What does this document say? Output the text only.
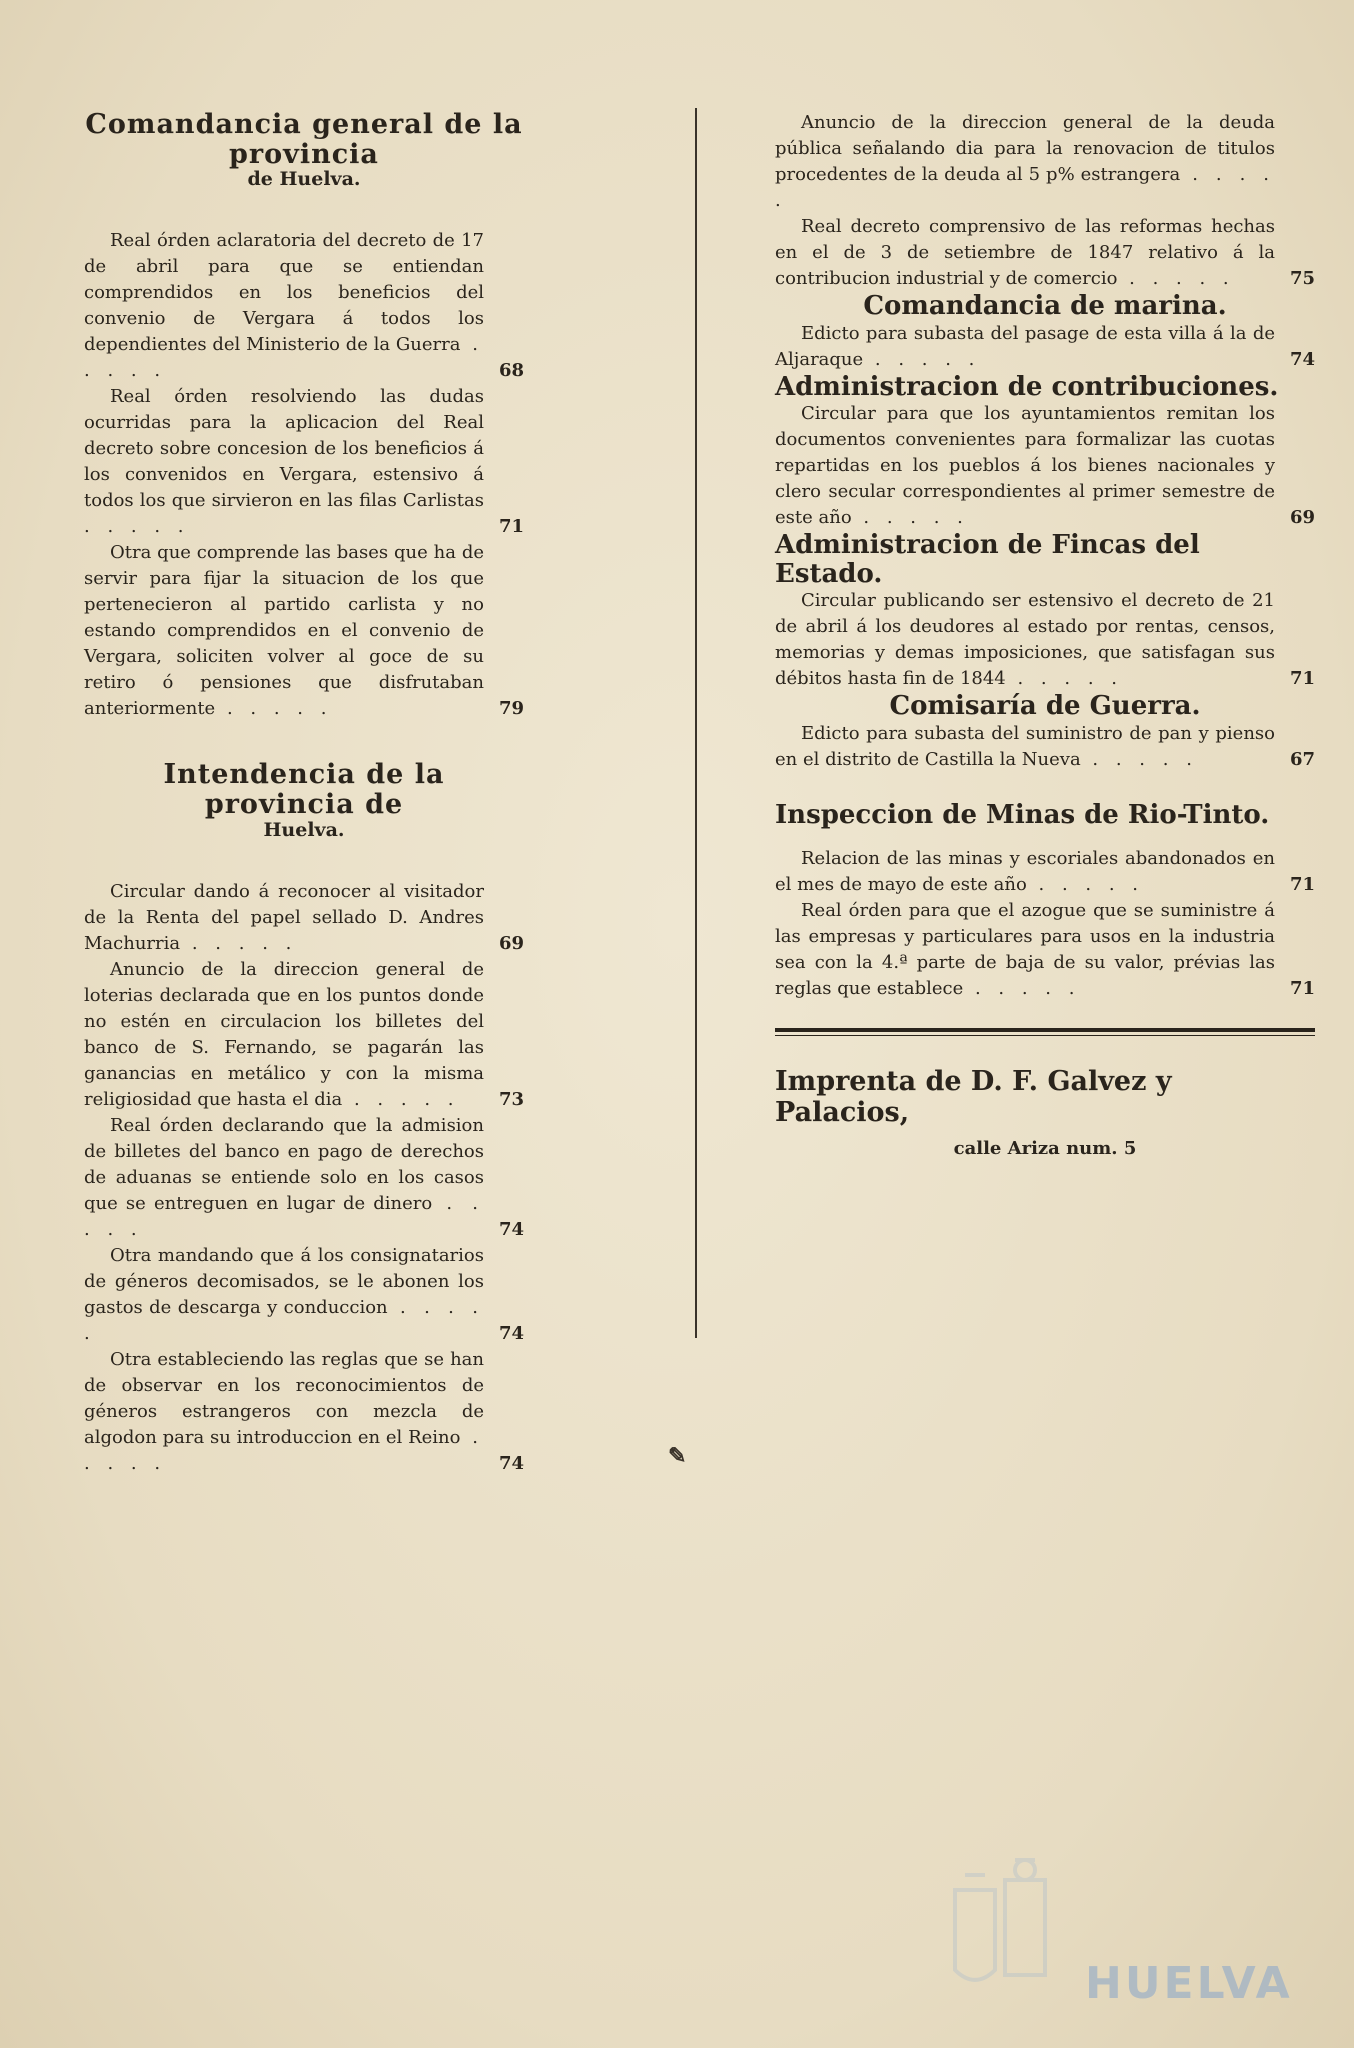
Comandancia general de la provincia
de Huelva.

Real órden aclaratoria del decreto de 17 de abril para que se entiendan comprendidos en los beneficios del convenio de Vergara á todos los dependientes del Ministerio de la Guerra . . . . .	68

Real órden resolviendo las dudas ocurridas para la aplicacion del Real decreto sobre concesion de los beneficios á los convenidos en Vergara, estensivo á todos los que sirvieron en las filas Carlistas . . . . .	71

Otra que comprende las bases que ha de servir para fijar la situacion de los que pertenecieron al partido carlista y no estando comprendidos en el convenio de Vergara, soliciten volver al goce de su retiro ó pensiones que disfrutaban anteriormente . . . . .	79

Intendencia de la provincia de
Huelva.

Circular dando á reconocer al visitador de la Renta del papel sellado D. Andres Machurria . . . . .	69

Anuncio de la direccion general de loterias declarada que en los puntos donde no estén en circulacion los billetes del banco de S. Fernando, se pagarán las ganancias en metálico y con la misma religiosidad que hasta el dia . . . . . 73

Real órden declarando que la admision de billetes del banco en pago de derechos de aduanas se entiende solo en los casos que se entreguen en lugar de dinero . . . . .	74

Otra mandando que á los consignatarios de géneros decomisados, se le abonen los gastos de descarga y conduccion . . . . .	74

Otra estableciendo las reglas que se han de observar en los reconocimientos de géneros estrangeros con mezcla de algodon para su introduccion en el Reino . . . . .	74	✎

Anuncio de la direccion general de la deuda pública señalando dia para la renovacion de titulos procedentes de la deuda al 5 p% estrangera . . . . .

Real decreto comprensivo de las reformas hechas en el de 3 de setiembre de 1847 relativo á la contribucion industrial y de comercio . . . . .	75

Comandancia de marina.

Edicto para subasta del pasage de esta villa á la de Aljaraque . . . . .	74

Administracion de contribuciones.

Circular para que los ayuntamientos remitan los documentos convenientes para formalizar las cuotas repartidas en los pueblos á los bienes nacionales y clero secular correspondientes al primer semestre de este año . . . . .	69

Administracion de Fincas del Estado.

Circular publicando ser estensivo el decreto de 21 de abril á los deudores al estado por rentas, censos, memorias y demas imposiciones, que satisfagan sus débitos hasta fin de 1844 . . . . .	71

Comisaría de Guerra.

Edicto para subasta del suministro de pan y pienso en el distrito de Castilla la Nueva . . . . .	67

Inspeccion de Minas de Rio-Tinto.

Relacion de las minas y escoriales abandonados en el mes de mayo de este año . . . . .	71

Real órden para que el azogue que se suministre á las empresas y particulares para usos en la industria sea con la 4.ª parte de baja de su valor, prévias las reglas que establece . . . . .	71

Imprenta de D. F. Galvez y Palacios,

calle Ariza num. 5
HUELVA
